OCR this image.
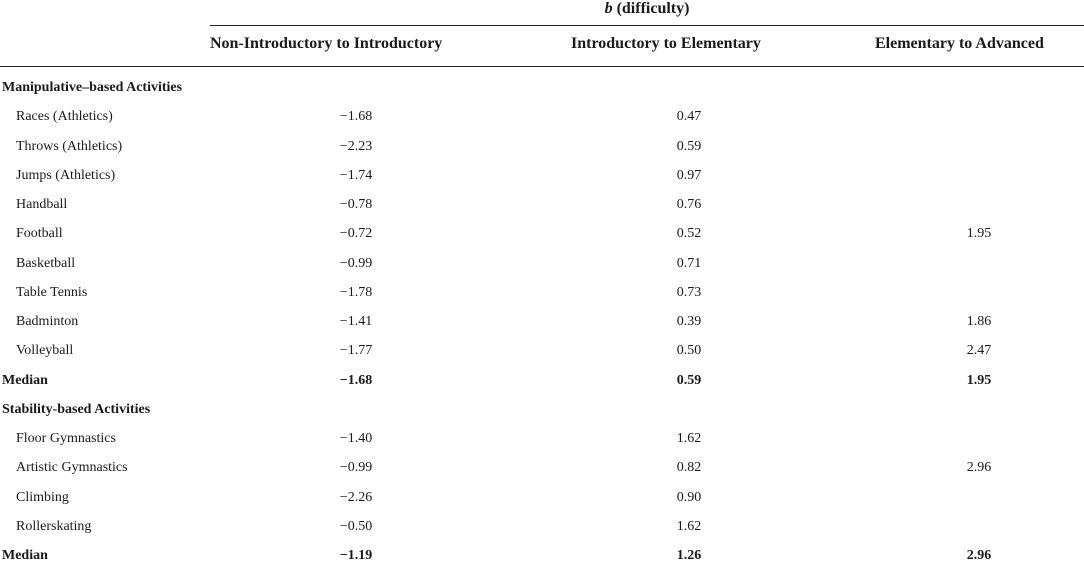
b (difficulty)
Non-Introductory to Introductory	Introductory to Elementary	Elementary to Advanced
Manipulative–based Activities
Races (Athletics)	−1.68	0.47
Throws (Athletics)	−2.23	0.59
Jumps (Athletics)	−1.74	0.97
Handball	−0.78	0.76
Football	−0.72	0.52	1.95
Basketball	−0.99	0.71
Table Tennis	−1.78	0.73
Badminton	−1.41	0.39	1.86
Volleyball	−1.77	0.50	2.47
Median	−1.68	0.59	1.95
Stability-based Activities
Floor Gymnastics	−1.40	1.62
Artistic Gymnastics	−0.99	0.82	2.96
Climbing	−2.26	0.90
Rollerskating	−0.50	1.62
Median	−1.19	1.26	2.96
